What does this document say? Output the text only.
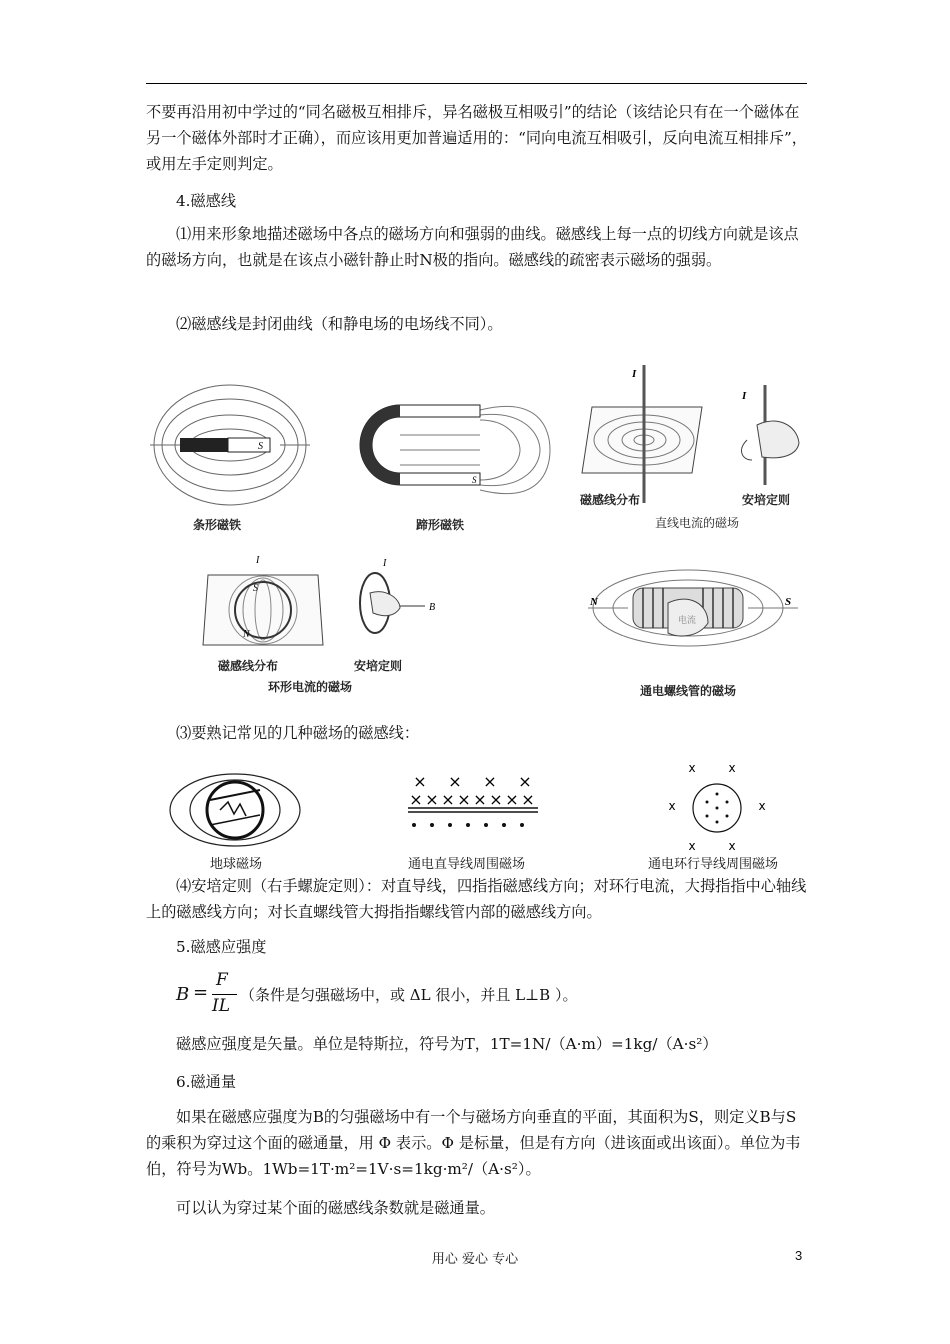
不要再沿用初中学过的“同名磁极互相排斥，异名磁极互相吸引”的结论（该结论只有在一个磁体在另一个磁体外部时才正确），而应该用更加普遍适用的：“同向电流互相吸引，反向电流互相排斥”，或用左手定则判定。

4.磁感线

⑴用来形象地描述磁场中各点的磁场方向和强弱的曲线。磁感线上每一点的切线方向就是该点的磁场方向，也就是在该点小磁针静止时N极的指向。磁感线的疏密表示磁场的强弱。

⑵磁感线是封闭曲线（和静电场的电场线不同）。

S
条形磁铁
S
蹄形磁铁
I
磁感线分布
I
安培定则
直线电流的磁场
S
N
I
磁感线分布
B
I
安培定则
环形电流的磁场
电流
N	S
通电螺线管的磁场

⑶要熟记常见的几种磁场的磁感线：

地球磁场
× × × ×
× × × × × × × ×
通电直导线周围磁场
x	x
x	x
x	x
通电环行导线周围磁场

⑷安培定则（右手螺旋定则）：对直导线，四指指磁感线方向；对环行电流，大拇指指中心轴线上的磁感线方向；对长直螺线管大拇指指螺线管内部的磁感线方向。

5.磁感应强度

B =
F
IL
（条件是匀强磁场中，或 ΔL 很小，并且 L⊥B ）。

磁感应强度是矢量。单位是特斯拉，符号为T，1T=1N/（A·m）=1kg/（A·s²）

6.磁通量

如果在磁感应强度为B的匀强磁场中有一个与磁场方向垂直的平面，其面积为S，则定义B与S的乘积为穿过这个面的磁通量，用 Φ 表示。Φ 是标量，但是有方向（进该面或出该面）。单位为韦伯，符号为Wb。1Wb=1T·m²=1V·s=1kg·m²/（A·s²）。

可以认为穿过某个面的磁感线条数就是磁通量。

用心 爱心 专心	3
